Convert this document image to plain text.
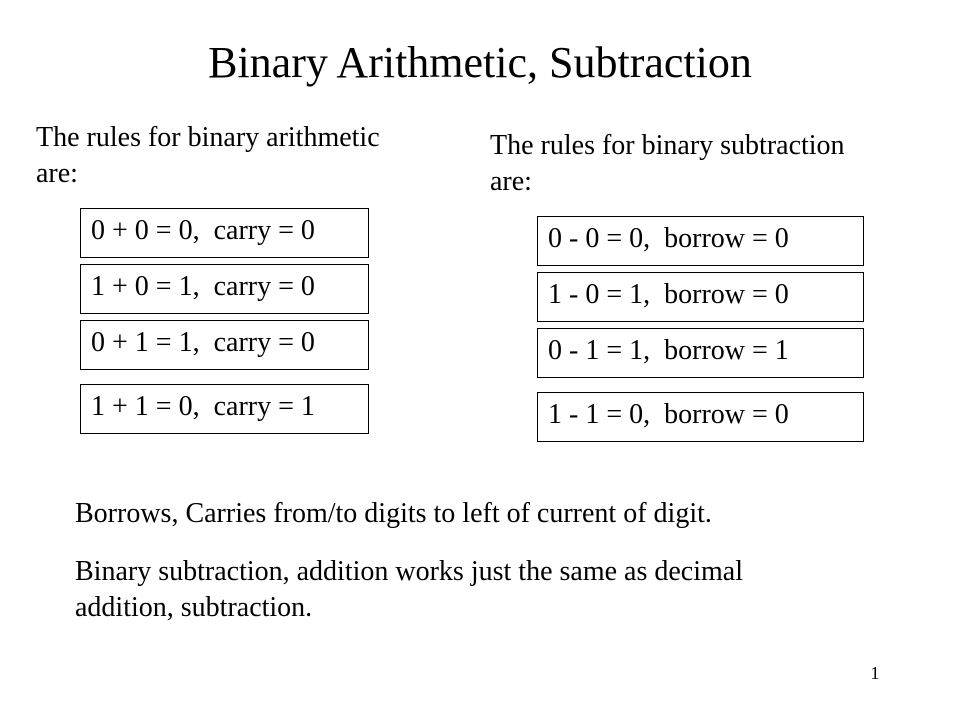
Binary Arithmetic, Subtraction
The rules for binary arithmetic
are:
The rules for binary subtraction
are:
0 + 0 = 0, carry = 0
1 + 0 = 1, carry = 0
0 + 1 = 1, carry = 0
1 + 1 = 0, carry = 1
0 - 0 = 0, borrow = 0
1 - 0 = 1, borrow = 0
0 - 1 = 1, borrow = 1
1 - 1 = 0, borrow = 0
Borrows, Carries from/to digits to left of current of digit.
Binary subtraction, addition works just the same as decimal
addition, subtraction.
1
